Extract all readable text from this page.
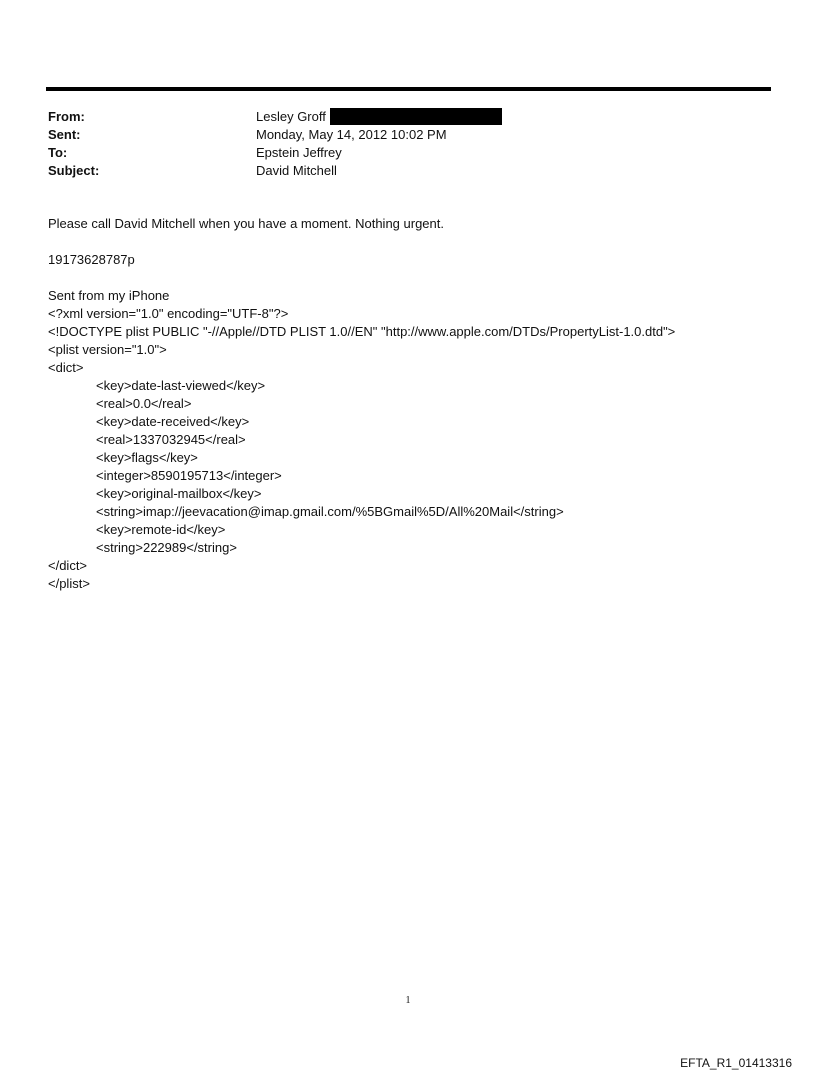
From:	Lesley Groff
Sent:	Monday, May 14, 2012 10:02 PM
To:	Epstein Jeffrey
Subject:	David Mitchell

Please call David Mitchell when you have a moment. Nothing urgent.

19173628787p

Sent from my iPhone

<?xml version="1.0" encoding="UTF-8"?>

<!DOCTYPE plist PUBLIC "-//Apple//DTD PLIST 1.0//EN" "http://www.apple.com/DTDs/PropertyList-1.0.dtd">

<plist version="1.0">

<dict>

<key>date-last-viewed</key>

<real>0.0</real>

<key>date-received</key>

<real>1337032945</real>

<key>flags</key>

<integer>8590195713</integer>

<key>original-mailbox</key>

<string>imap://jeevacation@imap.gmail.com/%5BGmail%5D/All%20Mail</string>

<key>remote-id</key>

<string>222989</string>

</dict>

</plist>

1
EFTA_R1_01413316
